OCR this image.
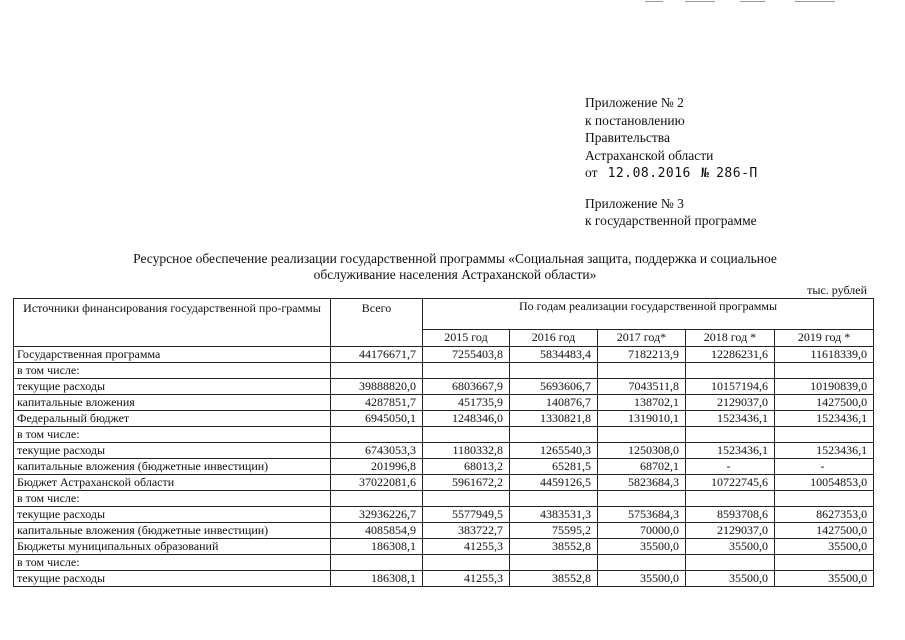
Приложение № 2
к постановлению
Правительства
Астраханской области
от 12.08.2016 № 286-П
Приложение № 3
к государственной программе
Ресурсное обеспечение реализации государственной программы «Социальная защита, поддержка и социальное
обслуживание населения Астраханской области»
тыс. рублей
Источники финансирования государственной про-граммы	Всего	По годам реализации государственной программы				
		2015 год	2016 год	2017 год*	2018 год *	2019 год *
Государственная программа	44176671,7	7255403,8	5834483,4	7182213,9	12286231,6	11618339,0
в том числе:						
текущие расходы	39888820,0	6803667,9	5693606,7	7043511,8	10157194,6	10190839,0
капитальные вложения	4287851,7	451735,9	140876,7	138702,1	2129037,0	1427500,0
Федеральный бюджет	6945050,1	1248346,0	1330821,8	1319010,1	1523436,1	1523436,1
в том числе:						
текущие расходы	6743053,3	1180332,8	1265540,3	1250308,0	1523436,1	1523436,1
капитальные вложения (бюджетные инвестиции)	201996,8	68013,2	65281,5	68702,1	-	-
Бюджет Астраханской области	37022081,6	5961672,2	4459126,5	5823684,3	10722745,6	10054853,0
в том числе:						
текущие расходы	32936226,7	5577949,5	4383531,3	5753684,3	8593708,6	8627353,0
капитальные вложения (бюджетные инвестиции)	4085854,9	383722,7	75595,2	70000,0	2129037,0	1427500,0
Бюджеты муниципальных образований	186308,1	41255,3	38552,8	35500,0	35500,0	35500,0
в том числе:						
текущие расходы	186308,1	41255,3	38552,8	35500,0	35500,0	35500,0
